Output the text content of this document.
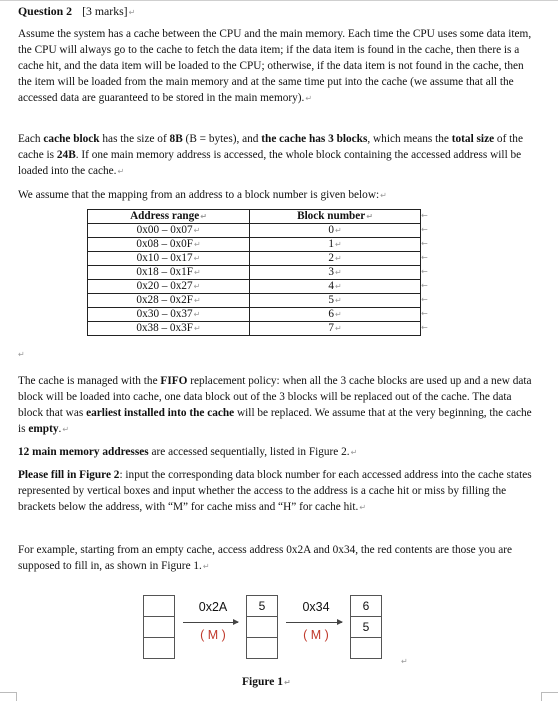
Question 2 [3 marks]↵
Assume the system has a cache between the CPU and the main memory. Each time the CPU uses some data item, the CPU will always go to the cache to fetch the data item; if the data item is found in the cache, then there is a cache hit, and the data item will be loaded to the CPU; otherwise, if the data item is not found in the cache, then the item will be loaded from the main memory and at the same time put into the cache (we assume that all the accessed data are guaranteed to be stored in the main memory).↵
Each cache block has the size of 8B (B = bytes), and the cache has 3 blocks, which means the total size of the cache is 24B. If one main memory address is accessed, the whole block containing the accessed address will be loaded into the cache.↵
We assume that the mapping from an address to a block number is given below:↵
Address range↵	Block number↵
0x00 – 0x07↵	0↵
0x08 – 0x0F↵	1↵
0x10 – 0x17↵	2↵
0x18 – 0x1F↵	3↵
0x20 – 0x27↵	4↵
0x28 – 0x2F↵	5↵
0x30 – 0x37↵	6↵
0x38 – 0x3F↵	7↵
←
←
←
←
←
←
←
←
←
↵
The cache is managed with the FIFO replacement policy: when all the 3 cache blocks are used up and a new data block will be loaded into cache, one data block out of the 3 blocks will be replaced out of the cache. The data block that was earliest installed into the cache will be replaced. We assume that at the very beginning, the cache is empty.↵
12 main memory addresses are accessed sequentially, listed in Figure 2.↵
Please fill in Figure 2: input the corresponding data block number for each accessed address into the cache states represented by vertical boxes and input whether the access to the address is a cache hit or miss by filling the brackets below the address, with “M” for cache miss and “H” for cache hit.↵
For example, starting from an empty cache, access address 0x2A and 0x34, the red contents are those you are supposed to fill in, as shown in Figure 1.↵
0x2A
( M )
5	0x34
( M )
6
5
↵
Figure 1↵
